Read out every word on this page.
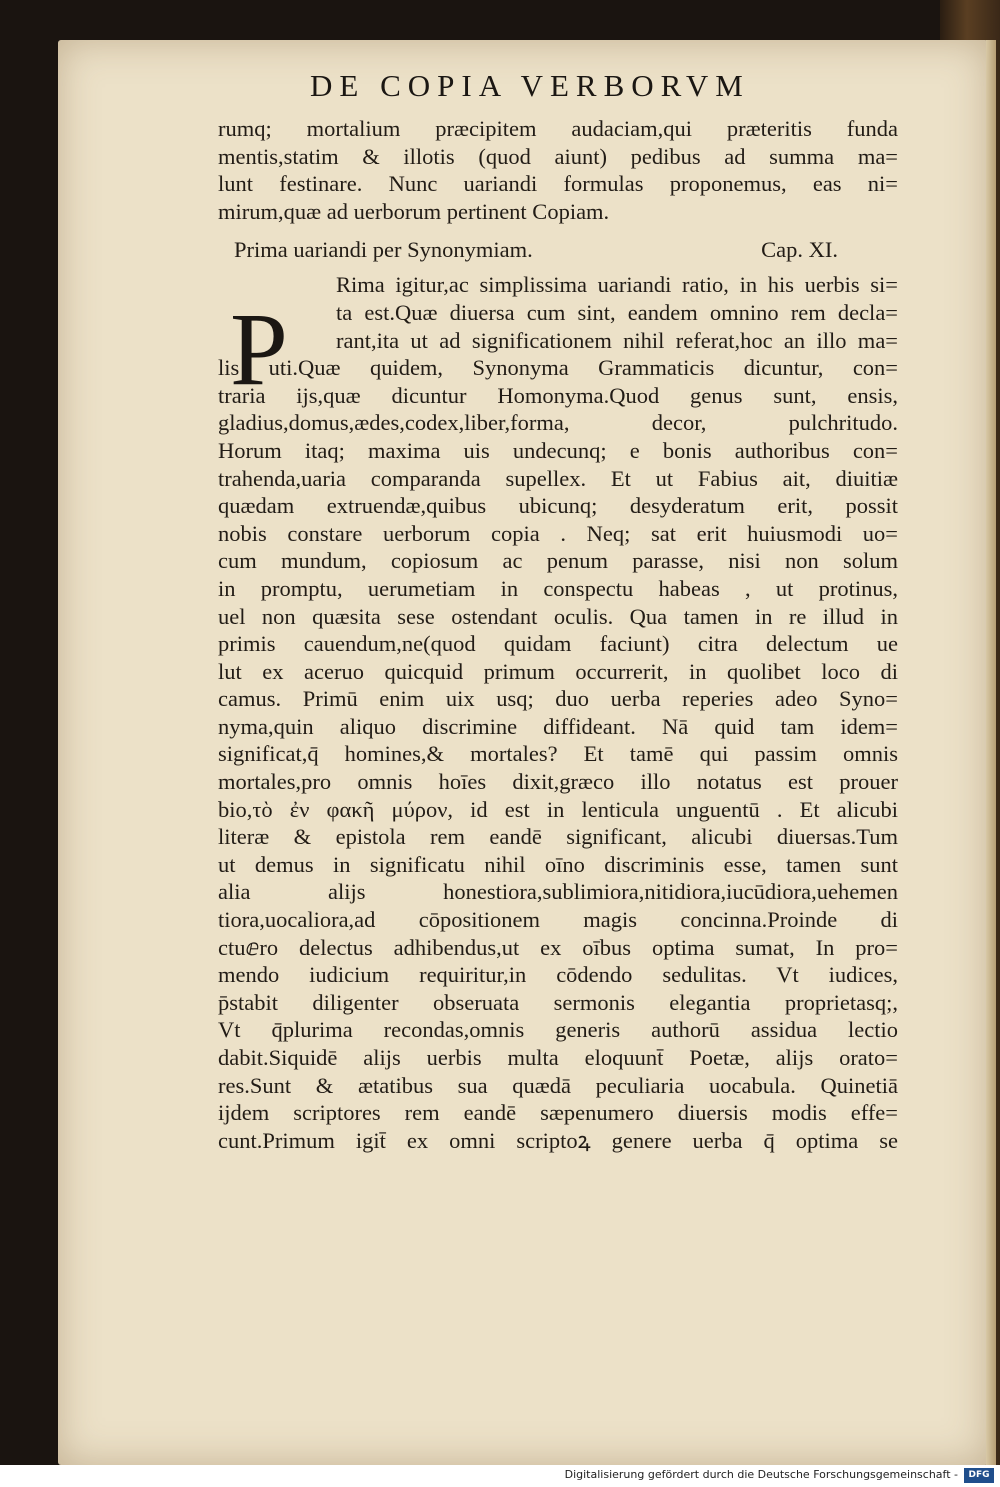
DE COPIA VERBORVM
rumq; mortalium præcipitem audaciam,qui præteritis funda
mentis,statim & illotis (quod aiunt) pedibus ad summa ma=
lunt festinare. Nunc uariandi formulas proponemus, eas ni=
mirum,quæ ad uerborum pertinent Copiam.
Prima uariandi per Synonymiam.	Cap. XI.
Rima igitur,ac simplissima uariandi ratio, in his uerbis si=
ta est.Quæ diuersa cum sint, eandem omnino rem decla=
rant,ita ut ad significationem nihil referat,hoc an illo ma=
lis uti.Quæ quidem, Synonyma Grammaticis dicuntur, con=
traria ijs,quæ dicuntur Homonyma.Quod genus sunt, ensis,
gladius,domus,ædes,codex,liber,forma, decor, pulchritudo.
Horum itaq; maxima uis undecunq; e bonis authoribus con=
trahenda,uaria comparanda supellex. Et ut Fabius ait, diuitiæ
quædam extruendæ,quibus ubicunq; desyderatum erit, possit
nobis constare uerborum copia . Neq; sat erit huiusmodi uo=
cum mundum, copiosum ac penum parasse, nisi non solum
in promptu, uerumetiam in conspectu habeas , ut protinus,
uel non quæsita sese ostendant oculis. Qua tamen in re illud in
primis cauendum,ne(quod quidam faciunt) citra delectum ue
lut ex aceruo quicquid primum occurrerit, in quolibet loco di
camus. Primū enim uix usq; duo uerba reperies adeo Syno=
nyma,quin aliquo discrimine diffideant. Nā quid tam idem=
significat,q̄ homines,& mortales? Et tamē qui passim omnis
mortales,pro omnis hoīes dixit,græco illo notatus est prouer
bio,τὸ ἐν φακῆ μύρον, id est in lenticula unguentū . Et alicubi
literæ & epistola rem eandē significant, alicubi diuersas.Tum
ut demus in significatu nihil oīno discriminis esse, tamen sunt
alia alijs honestiora,sublimiora,nitidiora,iucūdiora,uehemen
tiora,uocaliora,ad cōpositionem magis concinna.Proinde di
ctuⅇro delectus adhibendus,ut ex oībus optima sumat, In pro=
mendo iudicium requiritur,in cōdendo sedulitas. Vt iudices,
p̄stabit diligenter obseruata sermonis elegantia proprietasq;,
Vt q̄plurima recondas,omnis generis authorū assidua lectio
dabit.Siquidē alijs uerbis multa eloquunt̄ Poetæ, alijs orato=
res.Sunt & ætatibus sua quædā peculiaria uocabula. Quinetiā
ijdem scriptores rem eandē sæpenumero diuersis modis effe=
cunt.Primum igit̄ ex omni scriptoꝝ genere uerba q̄ optima se
P
Digitalisierung gefördert durch die Deutsche Forschungsgemeinschaft -	DFG
